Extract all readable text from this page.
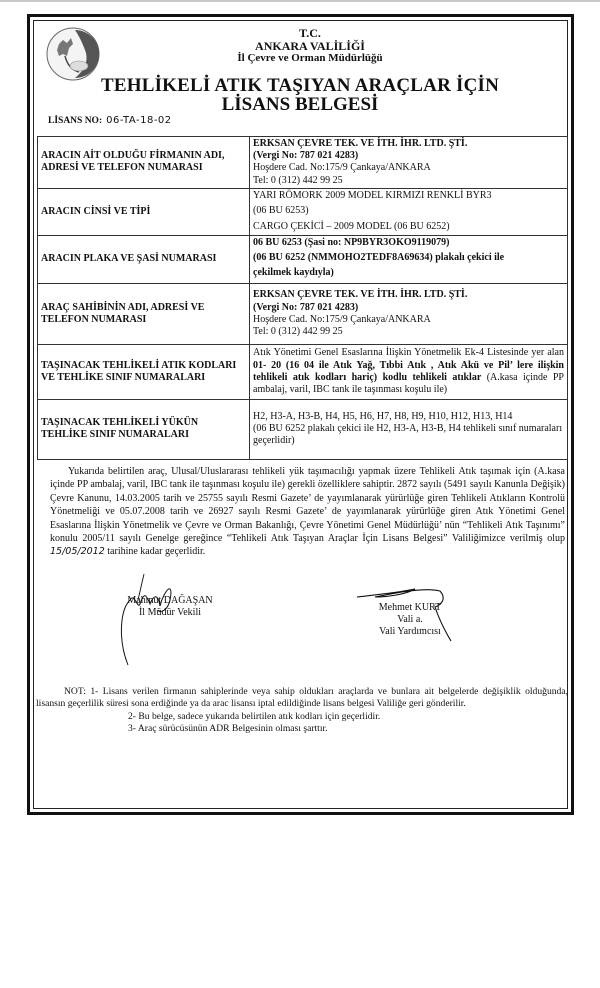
T.C.
ANKARA VALİLİĞİ
İl Çevre ve Orman Müdürlüğü
TEHLİKELİ ATIK TAŞIYAN ARAÇLAR İÇİN
LİSANS BELGESİ
LİSANS NO: 06-TA-18-02
ARACIN AİT OLDUĞU FİRMANIN ADI, ADRESİ VE TELEFON NUMARASI	ERKSAN ÇEVRE TEK. VE İTH. İHR. LTD. ŞTİ.
(Vergi No: 787 021 4283)
Hoşdere Cad. No:175/9 Çankaya/ANKARA
Tel: 0 (312) 442 99 25

ARACIN CİNSİ VE TİPİ	YARI RÖMORK 2009 MODEL KIRMIZI RENKLİ BYR3
(06 BU 6253)
CARGO ÇEKİCİ – 2009 MODEL (06 BU 6252)

ARACIN PLAKA VE ŞASİ NUMARASI	06 BU 6253 (Şasi no: NP9BYR3OKO9119079)
(06 BU 6252 (NMMOHO2TEDF8A69634) plakalı çekici ile
çekilmek kaydıyla)

ARAÇ SAHİBİNİN ADI, ADRESİ VE TELEFON NUMARASI	ERKSAN ÇEVRE TEK. VE İTH. İHR. LTD. ŞTİ.
(Vergi No: 787 021 4283)
Hoşdere Cad. No:175/9 Çankaya/ANKARA
Tel: 0 (312) 442 99 25

TAŞINACAK TEHLİKELİ ATIK KODLARI VE TEHLİKE SINIF NUMARALARI	Atık Yönetimi Genel Esaslarına İlişkin Yönetmelik Ek-4 Listesinde yer alan 01- 20 (16 04 ile Atık Yağ, Tıbbi Atık , Atık Akü ve Pil’ lere ilişkin tehlikeli atık kodları hariç) kodlu tehlikeli atıklar (A.kasa içinde PP ambalaj, varil, IBC tank ile taşınması koşulu ile)
TAŞINACAK TEHLİKELİ YÜKÜN TEHLİKE SINIF NUMARALARI	H2, H3-A, H3-B, H4, H5, H6, H7, H8, H9, H10, H12, H13, H14
(06 BU 6252 plakalı çekici ile H2, H3-A, H3-B, H4 tehlikeli sınıf numaraları geçerlidir)
Yukarıda belirtilen araç, Ulusal/Uluslararası tehlikeli yük taşımacılığı yapmak üzere Tehlikeli Atık taşımak için (A.kasa içinde PP ambalaj, varil, IBC tank ile taşınması koşulu ile) gerekli özelliklere sahiptir. 2872 sayılı (5491 sayılı Kanunla Değişik) Çevre Kanunu, 14.03.2005 tarih ve 25755 sayılı Resmi Gazete’ de yayımlanarak yürürlüğe giren Tehlikeli Atıkların Kontrolü Yönetmeliği ve 05.07.2008 tarih ve 26927 sayılı Resmi Gazete’ de yayımlanarak yürürlüğe giren Atık Yönetimi Genel Esaslarına İlişkin Yönetmelik ve Çevre ve Orman Bakanlığı, Çevre Yönetimi Genel Müdürlüğü’ nün “Tehlikeli Atık Taşınımı” konulu 2005/11 sayılı Genelge gereğince “Tehlikeli Atık Taşıyan Araçlar İçin Lisans Belgesi” Valiliğimizce verilmiş olup 15/05/2012 tarihine kadar geçerlidir.
Mahmut DAĞAŞAN
İl Müdür Vekili	Mehmet KURT
Vali a.
Vali Yardımcısı
NOT: 1- Lisans verilen firmanın sahiplerinde veya sahip oldukları araçlarda ve bunlara ait belgelerde değişiklik olduğunda, lisansın geçerlilik süresi sona erdiğinde ya da arac lisansı iptal edildiğinde lisans belgesi Valiliğe geri gönderilir.
2- Bu belge, sadece yukarıda belirtilen atık kodları için geçerlidir.
3- Araç sürücüsünün ADR Belgesinin olması şarttır.
